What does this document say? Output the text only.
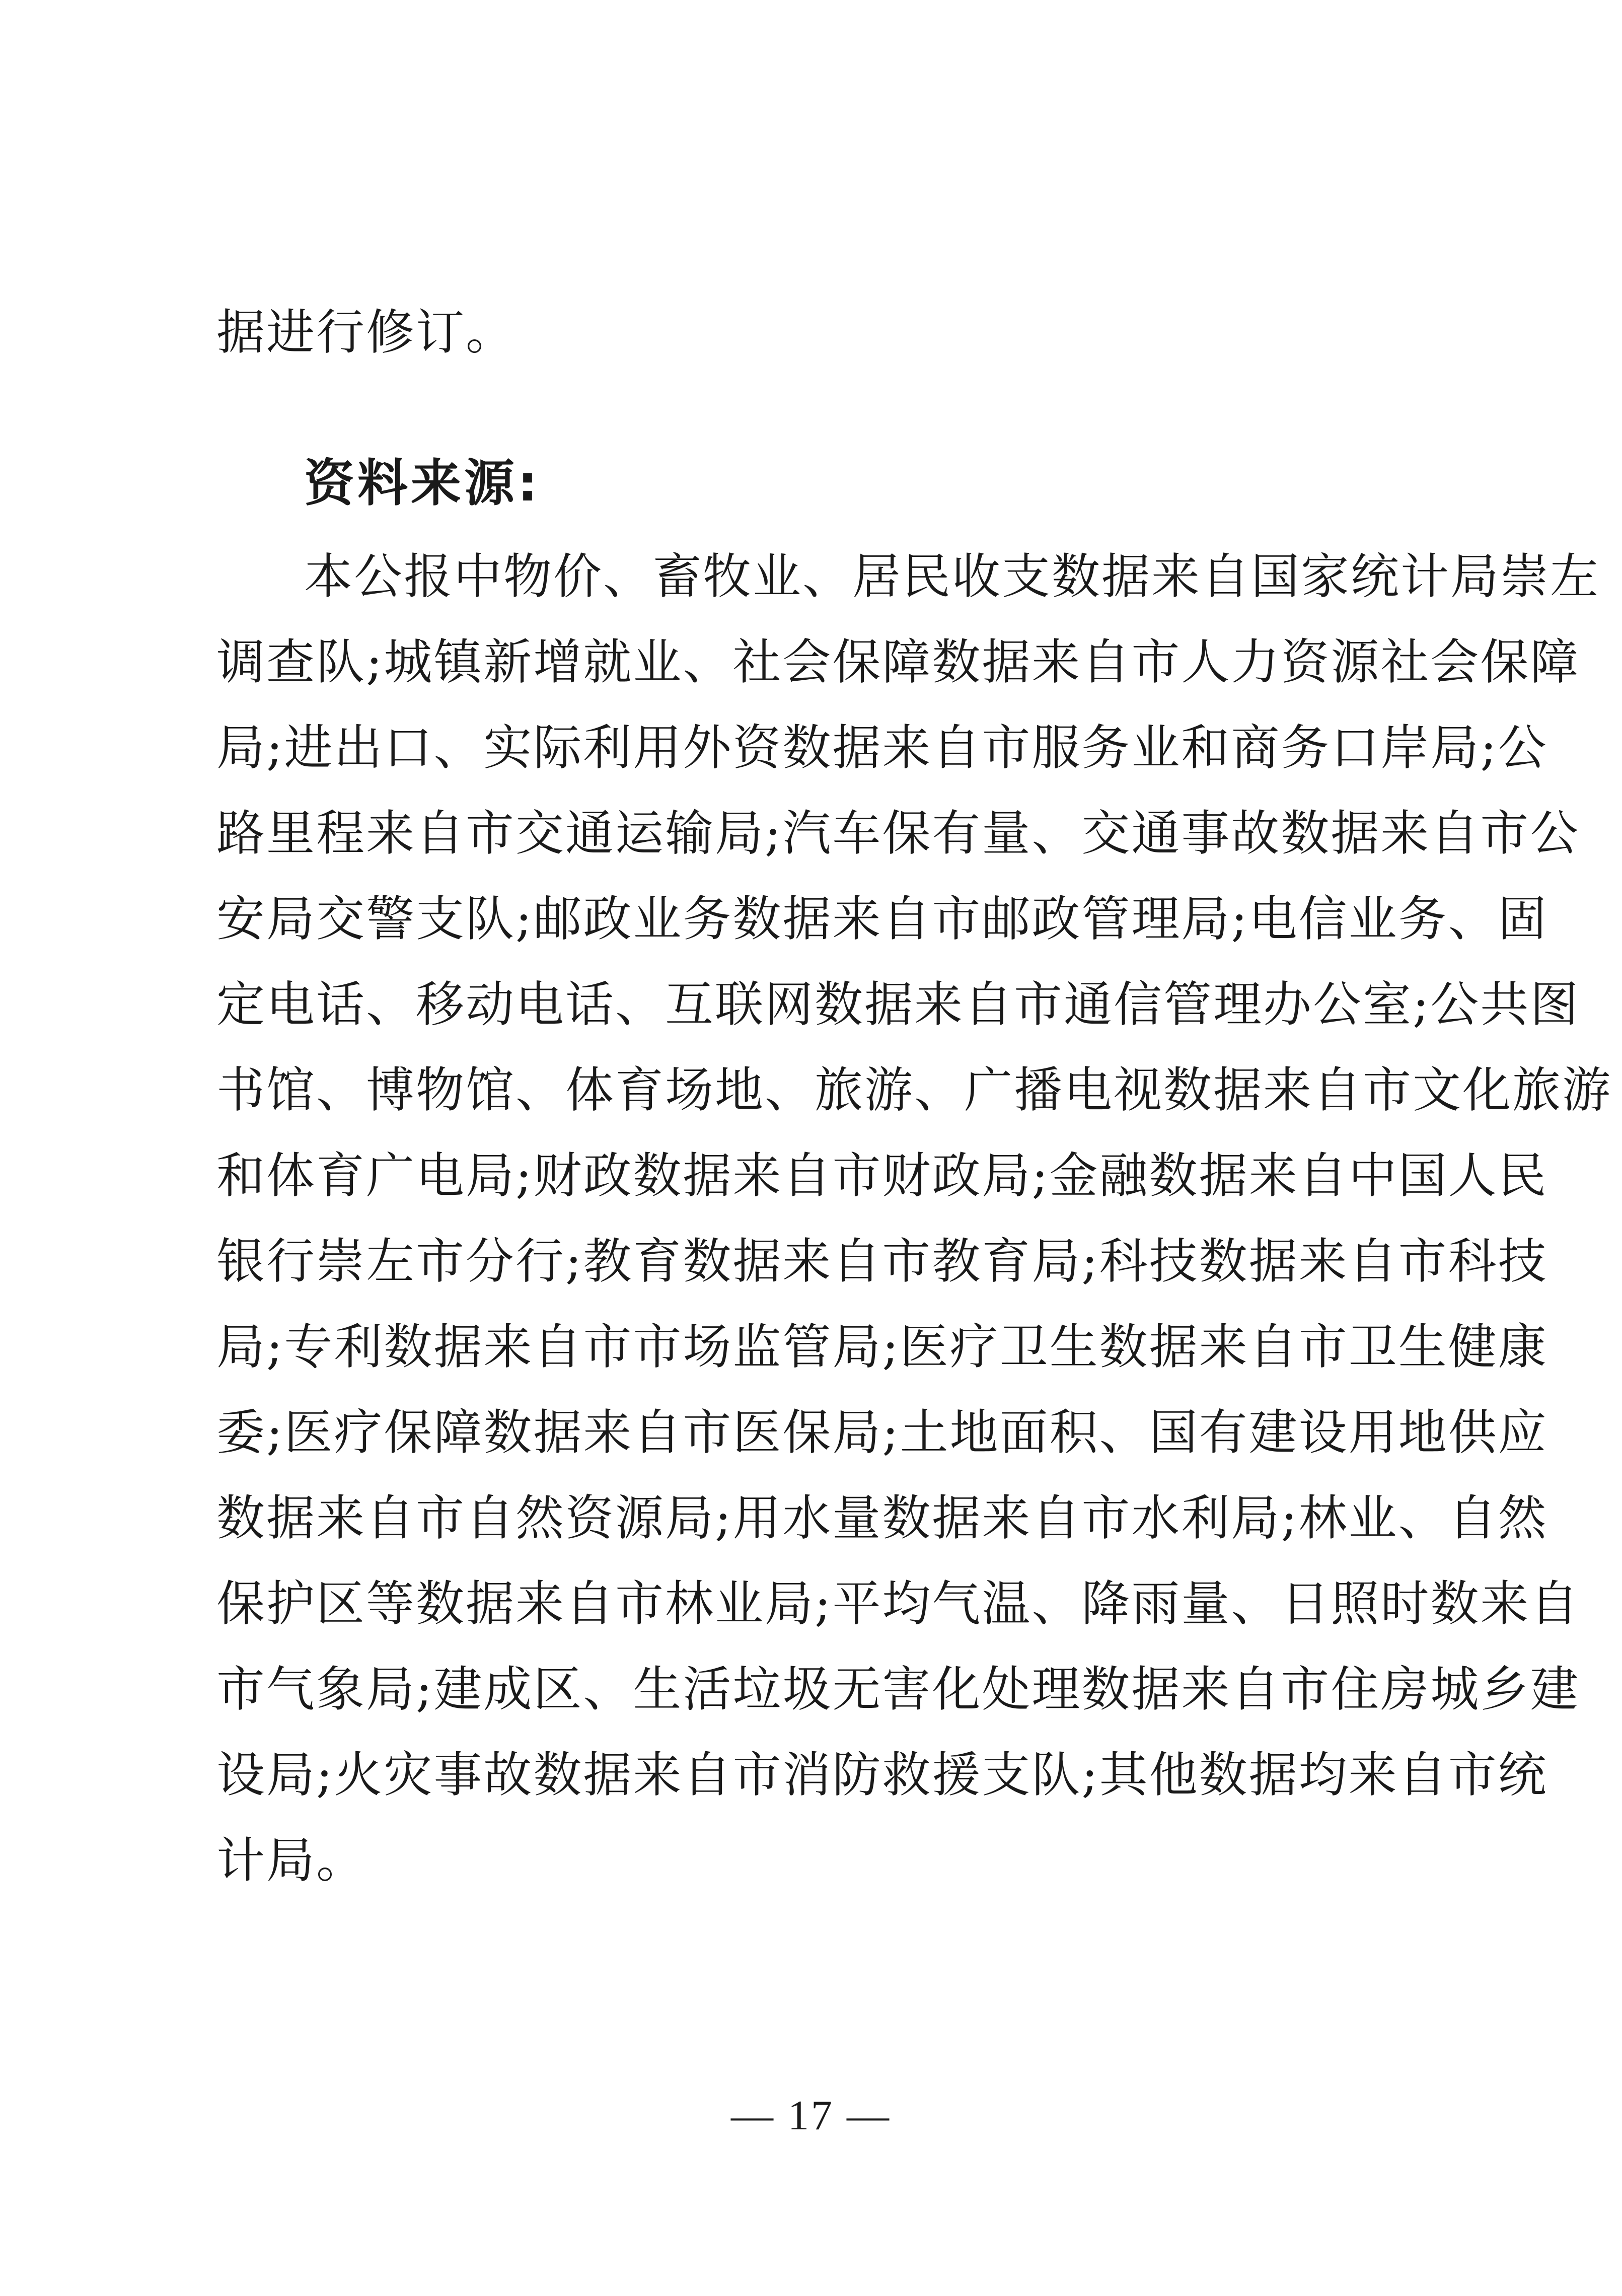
据进行修订。
资料来源:
本公报中物价、畜牧业、居民收支数据来自国家统计局崇左
调查队;城镇新增就业、社会保障数据来自市人力资源社会保障
局;进出口、实际利用外资数据来自市服务业和商务口岸局;公
路里程来自市交通运输局;汽车保有量、交通事故数据来自市公
安局交警支队;邮政业务数据来自市邮政管理局;电信业务、固
定电话、移动电话、互联网数据来自市通信管理办公室;公共图
书馆、博物馆、体育场地、旅游、广播电视数据来自市文化旅游
和体育广电局;财政数据来自市财政局;金融数据来自中国人民
银行崇左市分行;教育数据来自市教育局;科技数据来自市科技
局;专利数据来自市市场监管局;医疗卫生数据来自市卫生健康
委;医疗保障数据来自市医保局;土地面积、国有建设用地供应
数据来自市自然资源局;用水量数据来自市水利局;林业、自然
保护区等数据来自市林业局;平均气温、降雨量、日照时数来自
市气象局;建成区、生活垃圾无害化处理数据来自市住房城乡建
设局;火灾事故数据来自市消防救援支队;其他数据均来自市统
计局。
— 17 —
